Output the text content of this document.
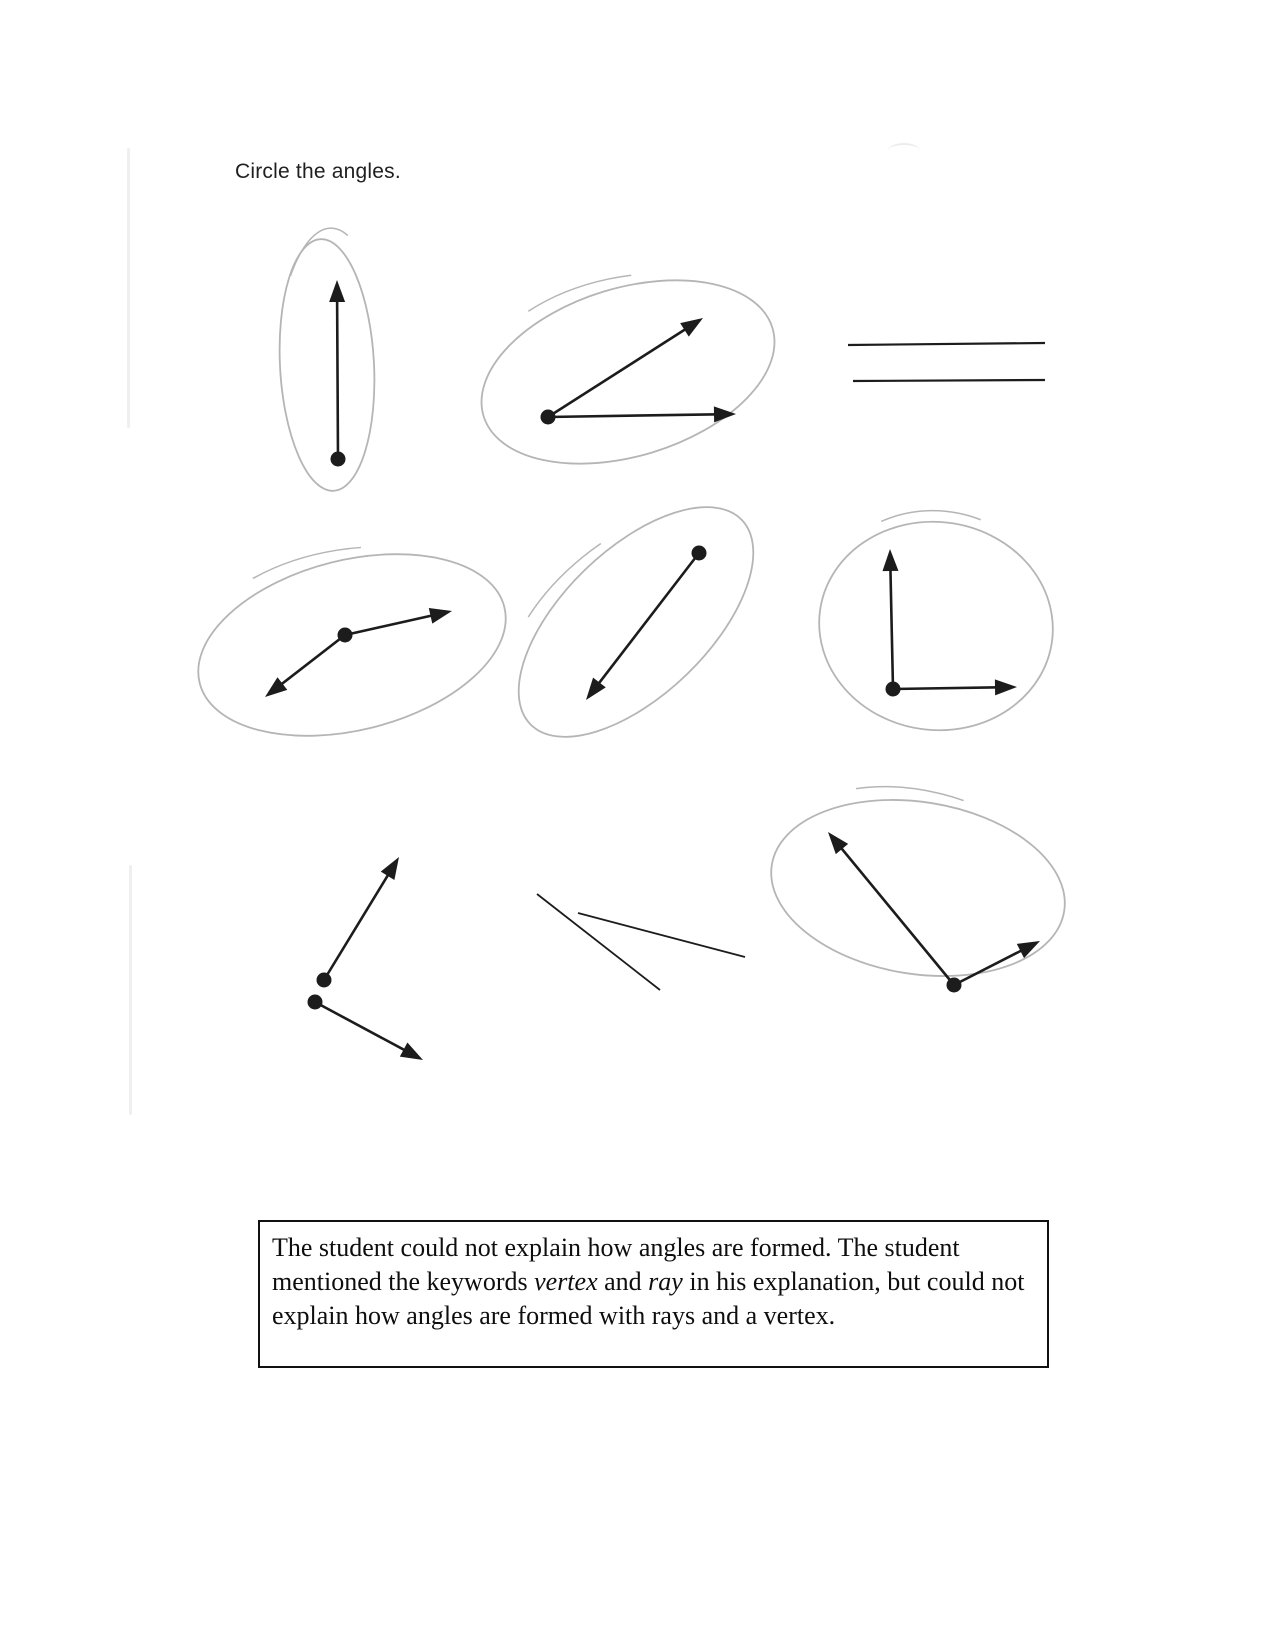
Circle the angles.

The student could not explain how angles are formed. The student mentioned the keywords vertex and ray in his explanation, but could not explain how angles are formed with rays and a vertex.
